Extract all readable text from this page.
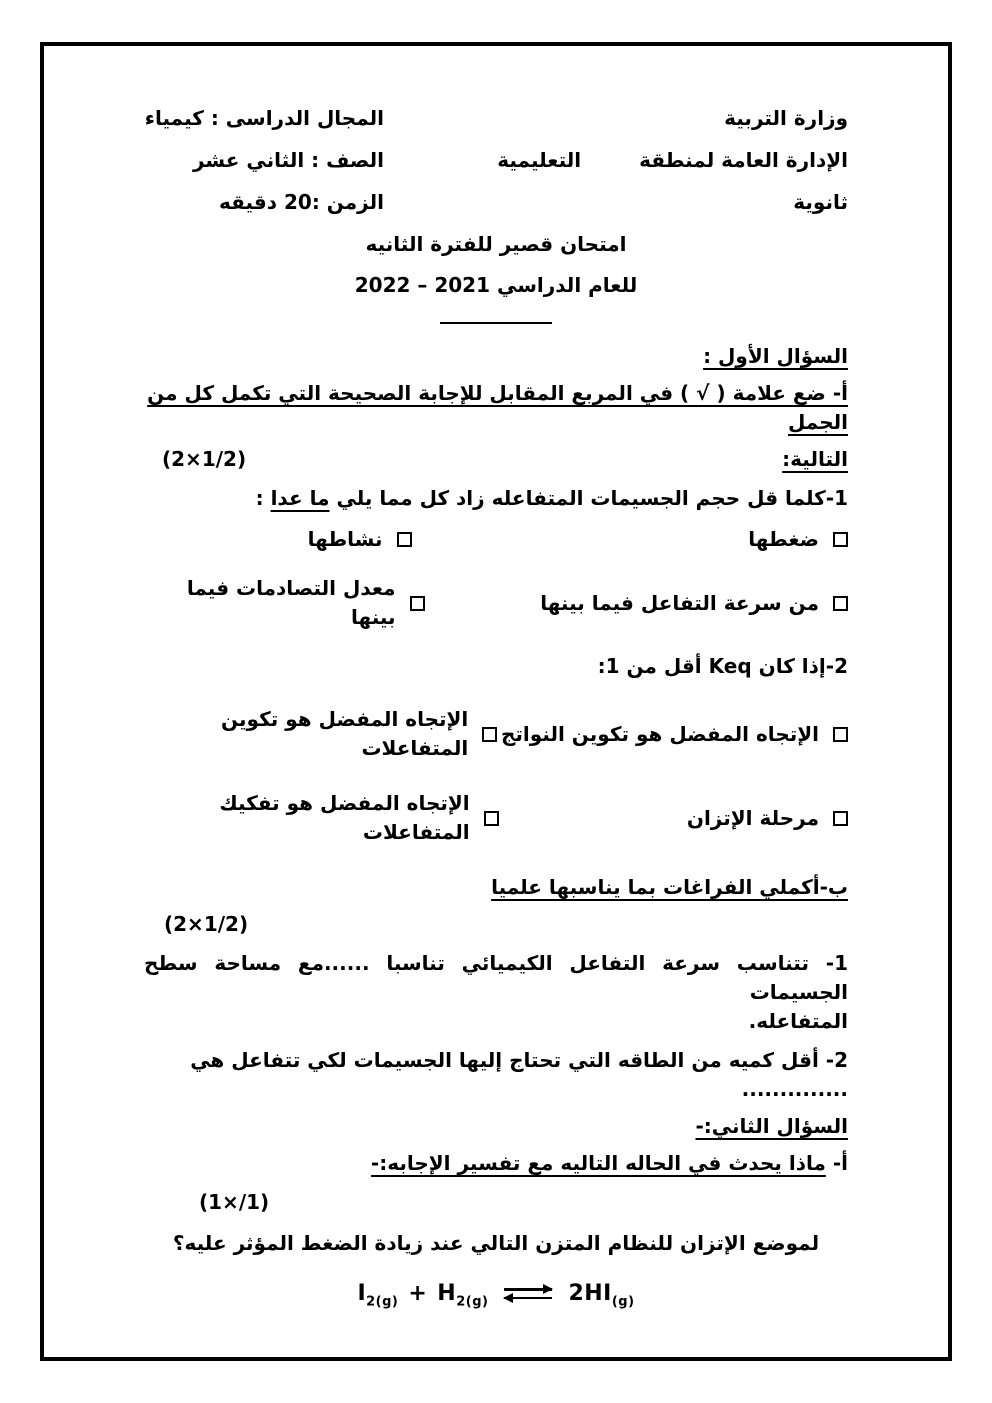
وزارة التربية
المجال الدراسى : كيمياء
الإدارة العامة لمنطقةالتعليمية
الصف : الثاني عشر
ثانوية
الزمن :20 دقيقه
امتحان قصير للفترة الثانيه
للعام الدراسي 2021 – 2022
السؤال الأول :
أ- ضع علامة ( √ ) في المربع المقابل للإجابة الصحيحة التي تكمل كل من الجمل
التالية:
(2×1/2)
1-كلما قل حجم الجسيمات المتفاعله زاد كل مما يلي ما عدا :
ضغطها
نشاطها
من سرعة التفاعل فيما بينها
معدل التصادمات فيما بينها
2-إذا كان Keq أقل من 1:
الإتجاه المفضل هو تكوين النواتج
الإتجاه المفضل هو تكوين المتفاعلات
مرحلة الإتزان
الإتجاه المفضل هو تفكيك المتفاعلات
ب-أكملي الفراغات بما يناسبها علميا
(2×1/2)
1- تتناسب سرعة التفاعل الكيميائي تناسبا ......مع مساحة سطح الجسيمات
المتفاعله.
2- أقل كميه من الطاقه التي تحتاج إليها الجسيمات لكي تتفاعل هي ..............
السؤال الثاني:-
أ- ماذا يحدث في الحاله التاليه مع تفسير الإجابه:-
(1×/1)
لموضع الإتزان للنظام المتزن التالي عند زيادة الضغط المؤثر عليه؟
$I_{2(g)} + H_{2(g)}$ ⇌ $2HI_{(g)}$
